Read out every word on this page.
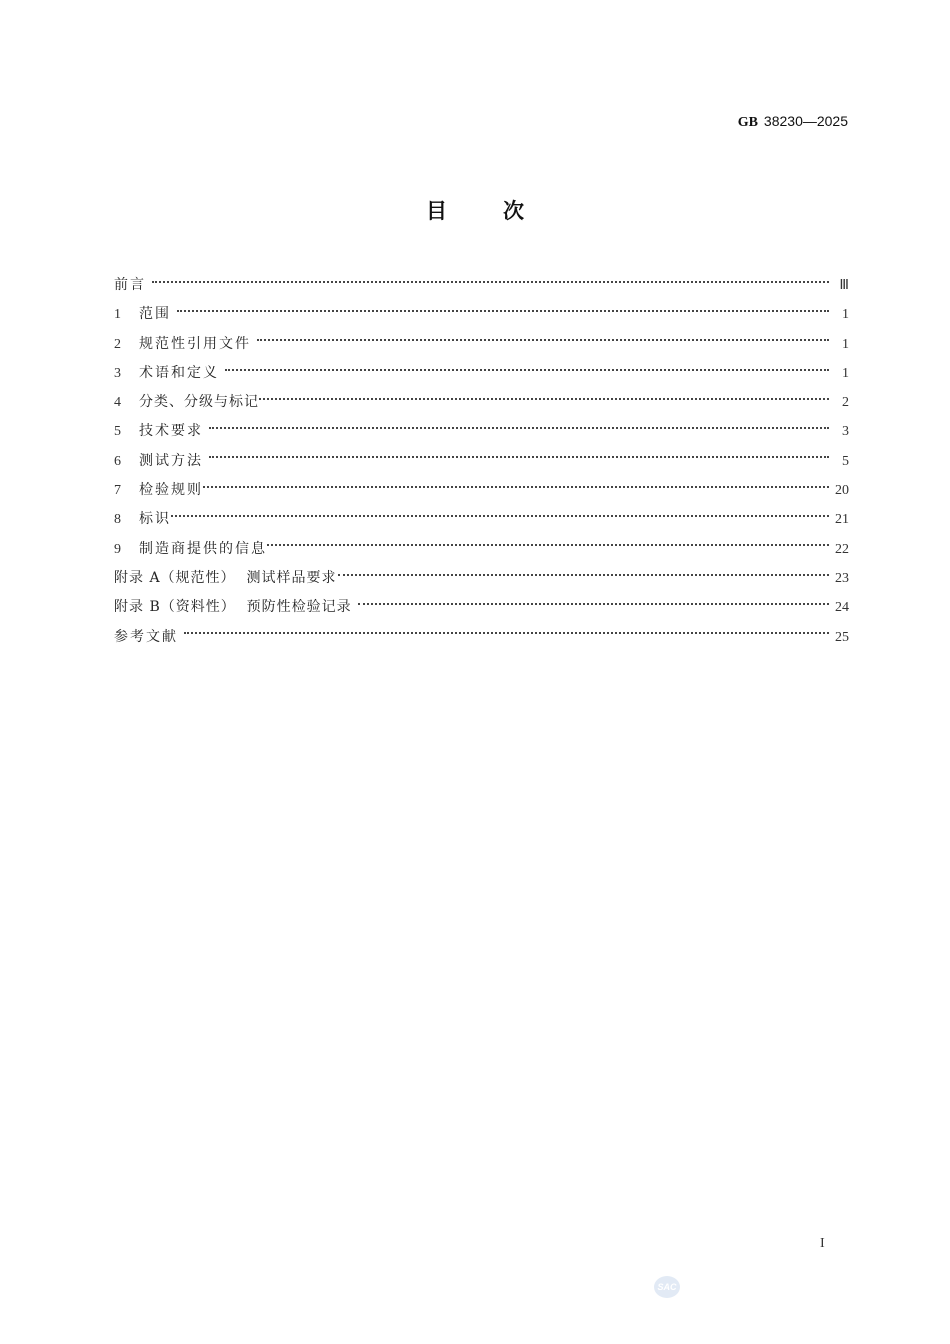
GB 38230—2025
目	次
前言	Ⅲ
1	范围	1
2	规范性引用文件	1
3	术语和定义	1
4	分类、分级与标记	2
5	技术要求	3
6	测试方法	5
7	检验规则	20
8	标识	21
9	制造商提供的信息	22
附录 A（规范性）  测试样品要求	23
附录 B（资料性）  预防性检验记录	24
参考文献	25
I
SAC
